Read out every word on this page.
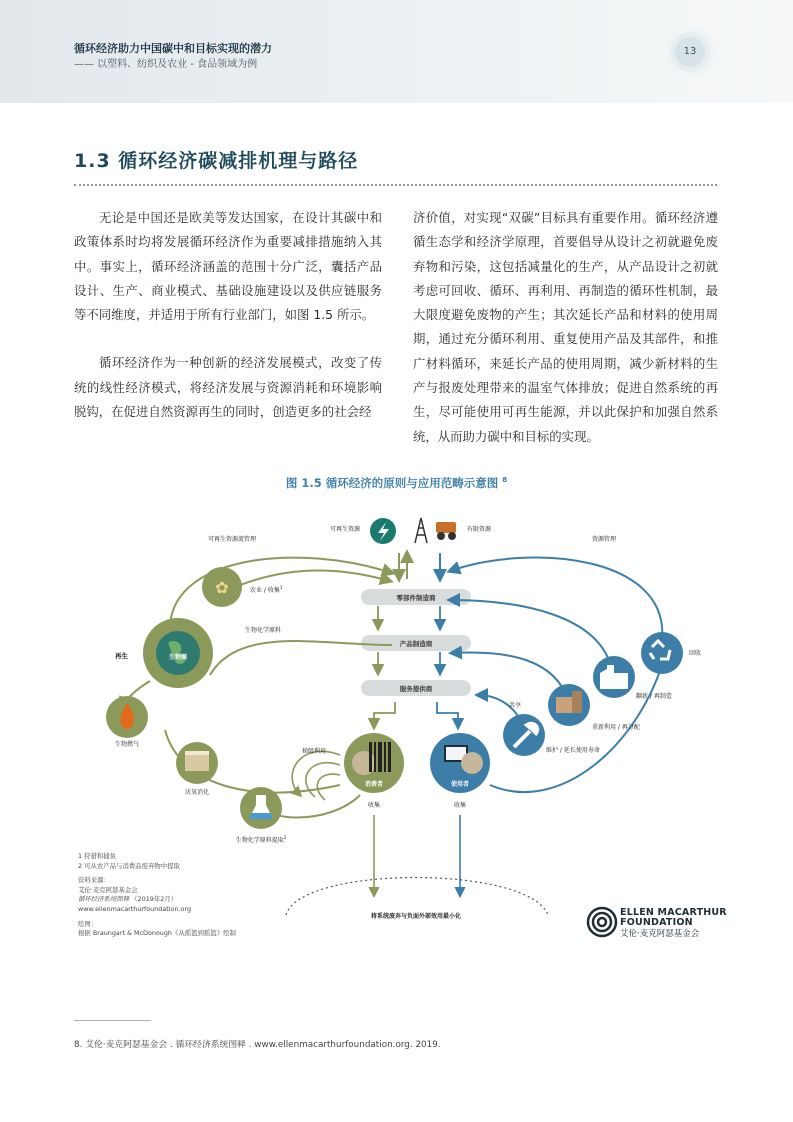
循环经济助力中国碳中和目标实现的潜力
—— 以塑料、纺织及农业 - 食品领域为例
13
1.3 循环经济碳减排机理与路径

无论是中国还是欧美等发达国家，在设计其碳中和政策体系时均将发展循环经济作为重要减排措施纳入其中。事实上，循环经济涵盖的范围十分广泛，囊括产品设计、生产、商业模式、基础设施建设以及供应链服务等不同维度，并适用于所有行业部门，如图 1.5 所示。

循环经济作为一种创新的经济发展模式，改变了传统的线性经济模式，将经济发展与资源消耗和环境影响脱钩，在促进自然资源再生的同时，创造更多的社会经

济价值，对实现“双碳”目标具有重要作用。循环经济遵循生态学和经济学原理，首要倡导从设计之初就避免废弃物和污染，这包括减量化的生产，从产品设计之初就考虑可回收、循环、再利用、再制造的循环性机制，最大限度避免废物的产生；其次延长产品和材料的使用周期，通过充分循环利用、重复使用产品及其部件，和推广材料循环，来延长产品的使用周期，减少新材料的生产与报废处理带来的温室气体排放；促进自然系统的再生，尽可能使用可再生能源，并以此保护和加强自然系统，从而助力碳中和目标的实现。

图 1.5 循环经济的原则与应用范畴示意图 $^8$
可再生资源	有限资源
可再生资源流管理	资源管理
零部件制造商
产品制造商
服务提供商
✿	农业 / 收集$^1$
生物化学原料
生物圈
再生
生物燃气
厌氧消化
生物化学原料提取$^2$
梯级利用
消费者
收集
使用者
收集
共享
维护 / 延长使用寿命
重新利用 / 再分配
翻新 / 再制造
回收
将系统废弃与负面外部效用最小化
1 狩猎和捕鱼
2 可从农产品与消费品废弃物中提取
资料来源：
艾伦·麦克阿瑟基金会
循环经济系统图释 （2019年2月）
www.ellenmacarthurfoundation.org
绘图：
根据 Braungart & McDonough《从摇篮到摇篮》绘制
ELLEN MACARTHUR
FOUNDATION
艾伦·麦克阿瑟基金会
8. 艾伦·麦克阿瑟基金会 . 循环经济系统图释 . www.ellenmacarthurfoundation.org. 2019.
